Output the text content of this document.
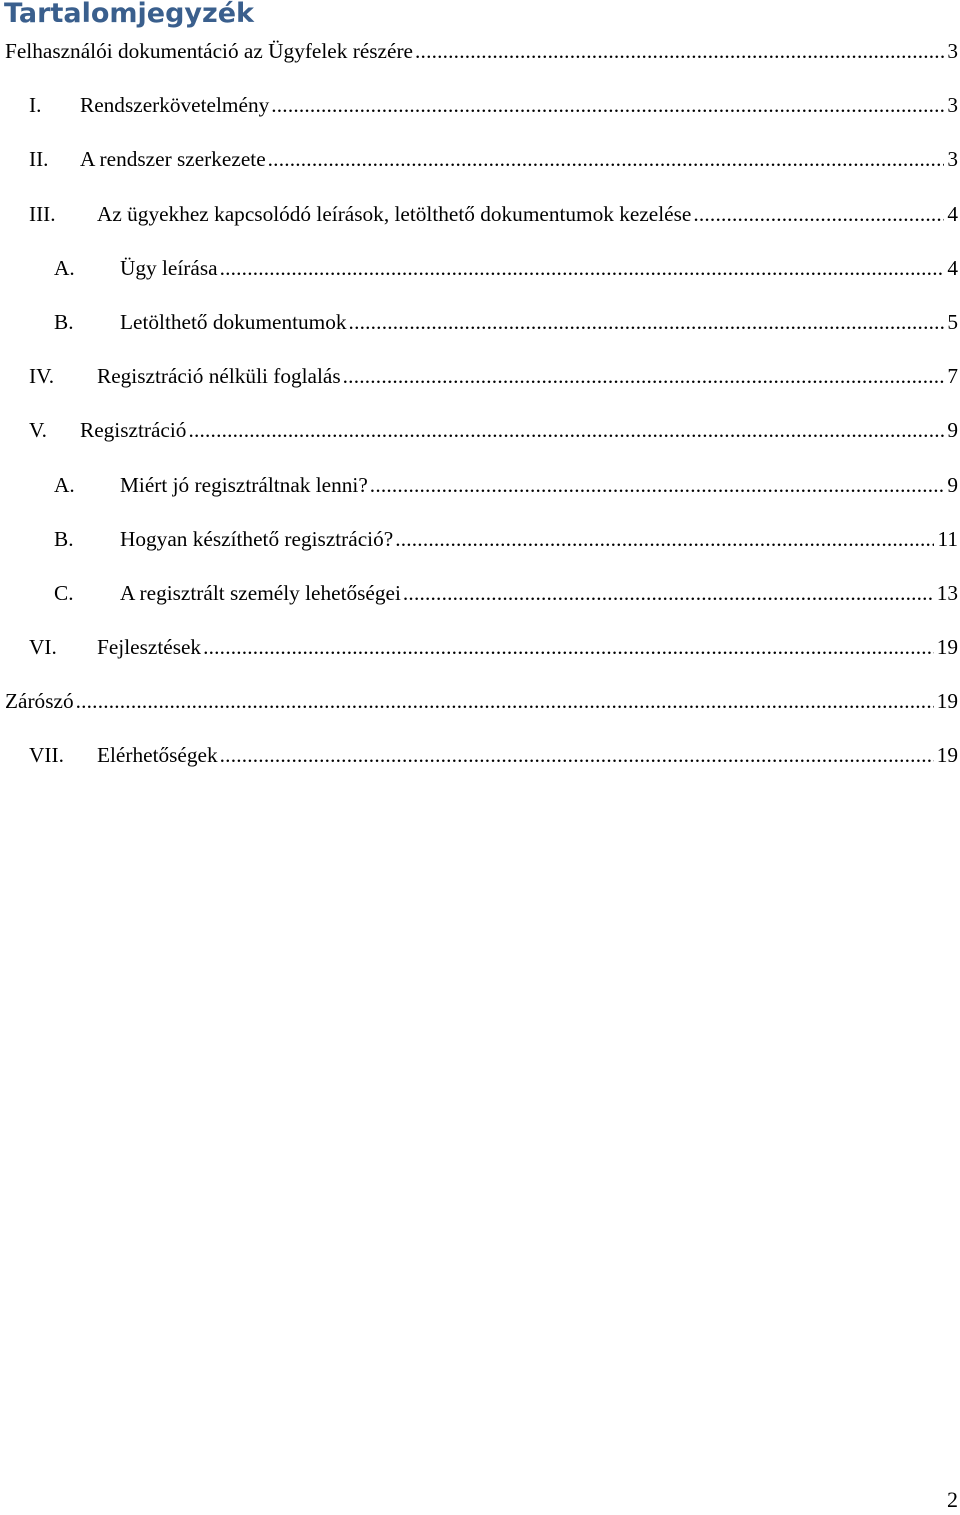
Tartalomjegyzék
Felhasználói dokumentáció az Ügyfelek részére .....	3
I.	Rendszerkövetelmény .....	3
II.	A rendszer szerkezete .....	3
III.	Az ügyekhez kapcsolódó leírások, letölthető dokumentumok kezelése .....	4
A.	Ügy leírása .....	4
B.	Letölthető dokumentumok .....	5
IV.	Regisztráció nélküli foglalás .....	7
V.	Regisztráció .....	9
A.	Miért jó regisztráltnak lenni? .....	9
B.	Hogyan készíthető regisztráció? .....	11
C.	A regisztrált személy lehetőségei .....	13
VI.	Fejlesztések .....	19
Zárószó .....	19
VII.	Elérhetőségek .....	19
2
